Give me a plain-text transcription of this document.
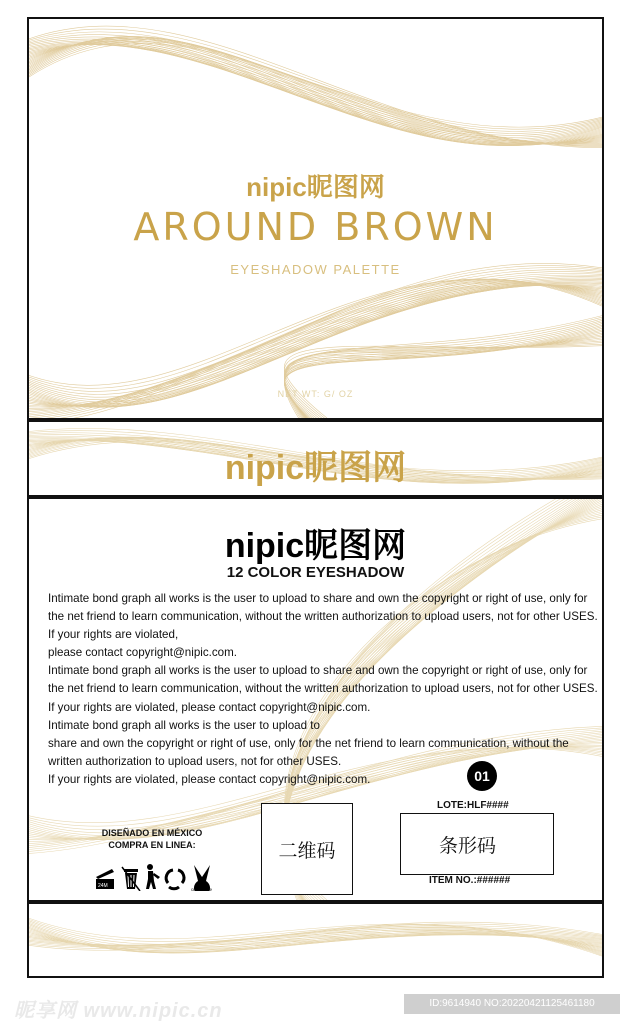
nipic昵图网
AROUND BROWN
EYESHADOW PALETTE
NET WT: G/ OZ
nipic昵图网
nipic昵图网
12 COLOR EYESHADOW

Intimate bond graph all works is the user to upload to share and own the copyright or right of use, only for

the net friend to learn communication, without the written authorization to upload users, not for other USES.

If your rights are violated,

please contact copyright@nipic.com.

Intimate bond graph all works is the user to upload to share and own the copyright or right of use, only for

the net friend to learn communication, without the written authorization to upload users, not for other USES.

If your rights are violated, please contact copyright@nipic.com.

Intimate bond graph all works is the user to upload to

share and own the copyright or right of use, only for the net friend to learn communication, without the

written authorization to upload users, not for other USES.

If your rights are violated, please contact copyright@nipic.com.	01
DISEÑADO EN MÉXICO
COMPRA EN LINEA:
24M
crueltyfree
二维码
LOTE:HLF####
条形码
ITEM NO.:######
昵享网 www.nipic.cn	ID:9614940 NO:20220421125461180
